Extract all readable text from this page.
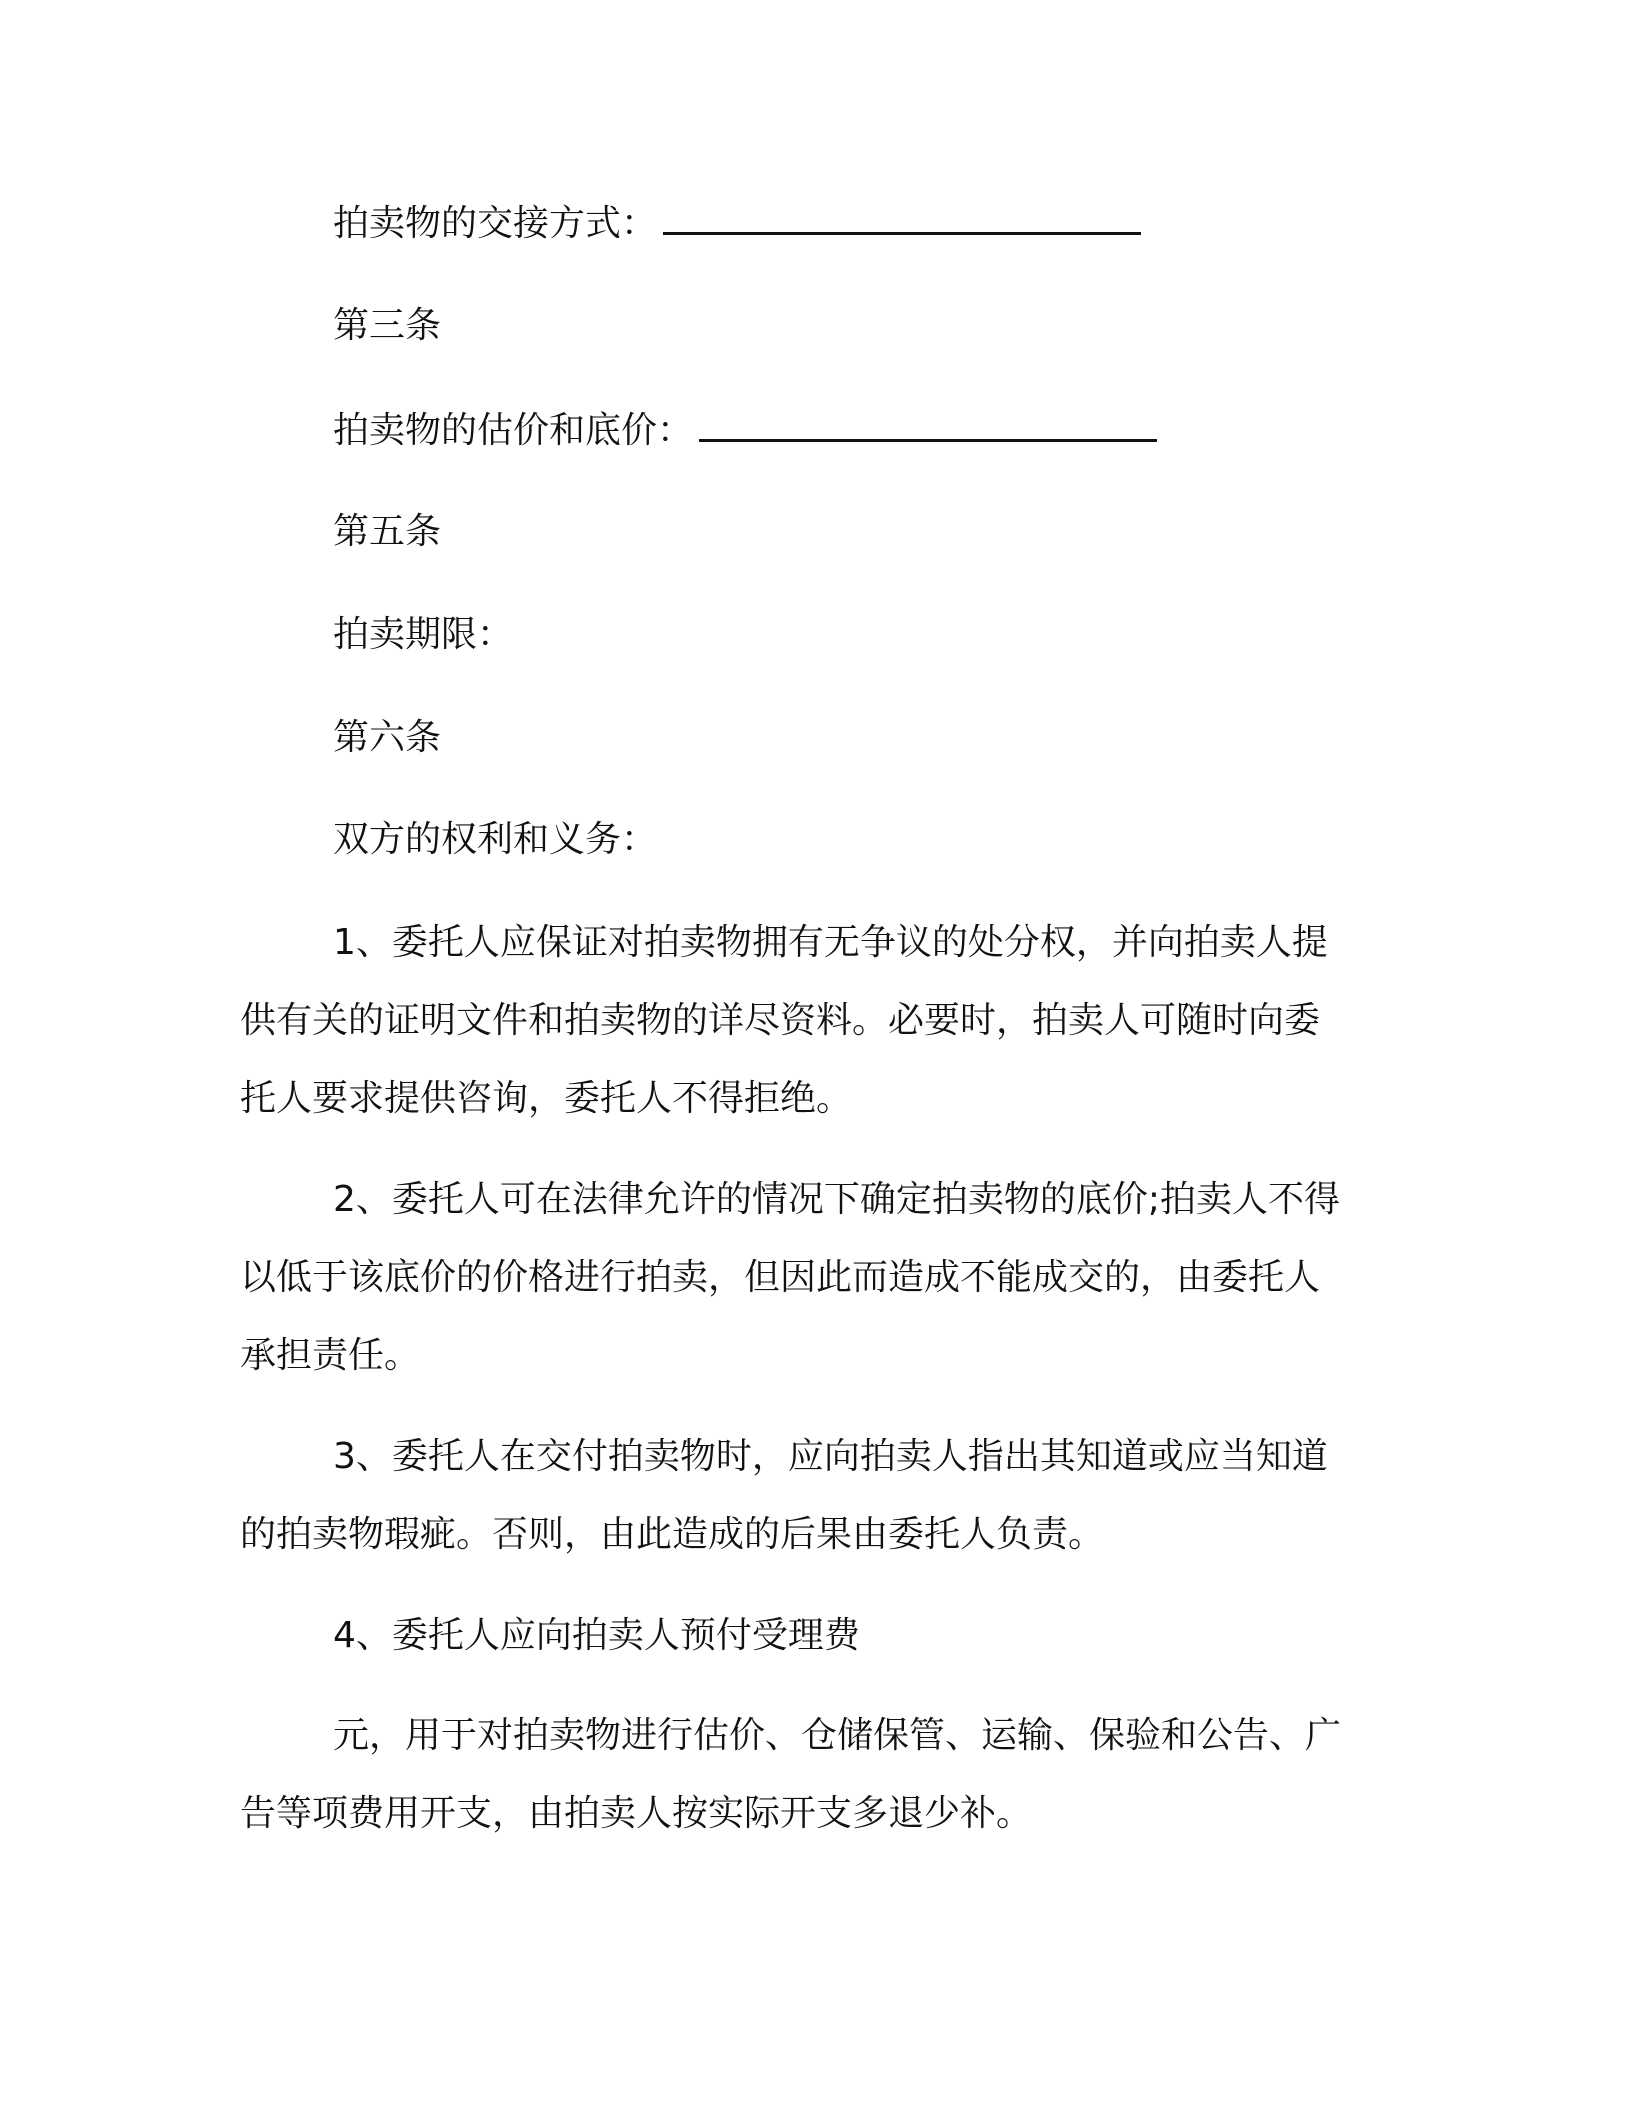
拍卖物的交接方式：
第三条
拍卖物的估价和底价：
第五条
拍卖期限：
第六条
双方的权利和义务：
1、委托人应保证对拍卖物拥有无争议的处分权，并向拍卖人提
供有关的证明文件和拍卖物的详尽资料。必要时，拍卖人可随时向委
托人要求提供咨询，委托人不得拒绝。
2、委托人可在法律允许的情况下确定拍卖物的底价;拍卖人不得
以低于该底价的价格进行拍卖，但因此而造成不能成交的，由委托人
承担责任。
3、委托人在交付拍卖物时，应向拍卖人指出其知道或应当知道
的拍卖物瑕疵。否则，由此造成的后果由委托人负责。
4、委托人应向拍卖人预付受理费
元，用于对拍卖物进行估价、仓储保管、运输、保验和公告、广
告等项费用开支，由拍卖人按实际开支多退少补。
